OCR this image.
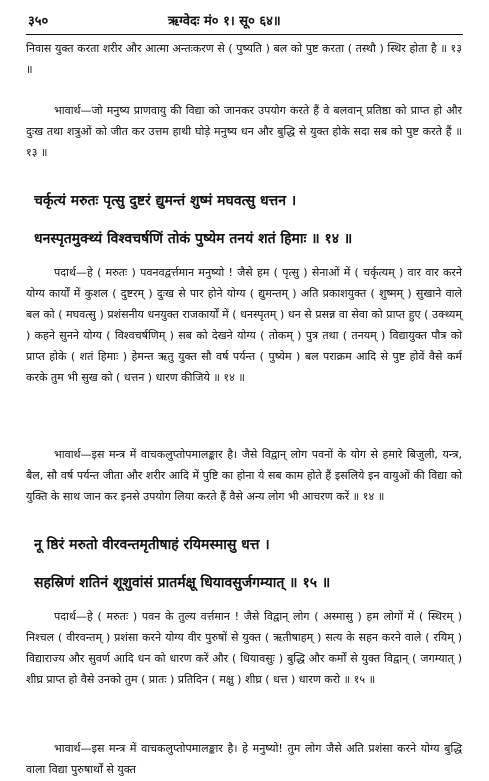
३५०	ऋग्वेदः मं० १। सू० ६४॥
निवास युक्त करता शरीर और आत्मा अन्तःकरण से ( पुष्यति ) बल को पुष्ट करता ( तस्थौ ) स्थिर होता है ॥ १३ ॥
भावार्थ—जो मनुष्य प्राणवायु की विद्या को जानकर उपयोग करते हैं वे बलवान् प्रतिष्ठा को प्राप्त हो और दुःख तथा शत्रुओं को जीत कर उत्तम हाथी घोड़े मनुष्य धन और बुद्धि से युक्त होके सदा सब को पुष्ट करते हैं ॥ १३ ॥
चर्कृत्यं मरुतः पृत्सु दुष्टरं द्युमन्तं शुष्मं मघवत्सु धत्तन ।
धनस्पृतमुक्थ्यं विश्वचर्षणिं तोकं पुष्येम तनयं शतं हिमाः ॥ १४ ॥
पदार्थ—हे ( मरुतः ) पवनवद्वर्त्तमान मनुष्यो ! जैसे हम ( पृत्सु ) सेनाओं में ( चर्कृत्यम् ) वार वार करने योग्य कार्यों में कुशल ( दुष्टरम् ) दुःख से पार होने योग्य ( द्युमन्तम् ) अति प्रकाशयुक्त ( शुष्मम् ) सुखाने वाले बल को ( मघवत्सु ) प्रशंसनीय धनयुक्त राजकार्यों में ( धनस्पृतम् ) धन से प्रसन्न वा सेवा को प्राप्त हुए ( उक्थ्यम् ) कहने सुनने योग्य ( विश्वचर्षणिम् ) सब को देखने योग्य ( तोकम् ) पुत्र तथा ( तनयम् ) विद्यायुक्त पौत्र को प्राप्त होके ( शतं हिमाः ) हेमन्त ऋतु युक्त सौ वर्ष पर्यन्त ( पुष्येम ) बल पराक्रम आदि से पुष्ट होवें वैसे कर्म करके तुम भी सुख को ( धत्तन ) धारण कीजिये ॥ १४ ॥
भावार्थ—इस मन्त्र में वाचकलुप्तोपमालङ्कार है। जैसे विद्वान् लोग पवनों के योग से हमारे बिजुली, यन्त्र, बैल, सौ वर्ष पर्यन्त जीता और शरीर आदि में पुष्टि का होना ये सब काम होते हैं इसलिये इन वायुओं की विद्या को युक्ति के साथ जान कर इनसे उपयोग लिया करते हैं वैसे अन्य लोग भी आचरण करें ॥ १४ ॥
नू ष्ठिरं मरुतो वीरवन्तमृतीषाहं रयिमस्मासु धत्त ।
सहस्रिणं शतिनं शूशुवांसं प्रातर्मक्षू धियावसुर्जगम्यात् ॥ १५ ॥
पदार्थ—हे ( मरुतः ) पवन के तुल्य वर्त्तमान ! जैसे विद्वान् लोग ( अस्मासु ) हम लोगों में ( स्थिरम् ) निश्चल ( वीरवन्तम् ) प्रशंसा करने योग्य वीर पुरुषों से युक्त ( ऋतीषाहम् ) सत्य के सहन करने वाले ( रयिम् ) विद्याराज्य और सुवर्ण आदि धन को धारण करें और ( धियावसुः ) बुद्धि और कर्मों से युक्त विद्वान् ( जगम्यात् ) शीघ्र प्राप्त हो वैसे उनको तुम ( प्रातः ) प्रतिदिन ( मक्षु ) शीघ्र ( धत्त ) धारण करो ॥ १५ ॥
भावार्थ—इस मन्त्र में वाचकलुप्तोपमालङ्कार है। हे मनुष्यो! तुम लोग जैसे अति प्रशंसा करने योग्य बुद्धि वाला विद्या पुरुषार्थों से युक्त
